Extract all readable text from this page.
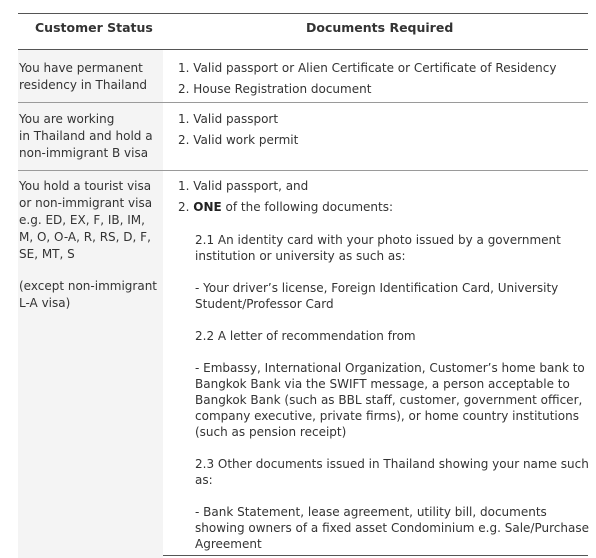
Customer Status	Documents Required
You have permanent
residency in Thailand
1. Valid passport or Alien Certificate or Certificate of Residency
2. House Registration document
You are working
in Thailand and hold a
non-immigrant B visa
1. Valid passport
2. Valid work permit
You hold a tourist visa
or non-immigrant visa
e.g. ED, EX, F, IB, IM,
M, O, O-A, R, RS, D, F,
SE, MT, S
(except non-immigrant
L-A visa)
1. Valid passport, and
2. ONE of the following documents:
2.1 An identity card with your photo issued by a government institution or university as such as:
- Your driver’s license, Foreign Identification Card, University Student/Professor Card
2.2 A letter of recommendation from
- Embassy, International Organization, Customer’s home bank to Bangkok Bank via the SWIFT message, a person acceptable to Bangkok Bank (such as BBL staff, customer, government officer, company executive, private firms), or home country institutions (such as pension receipt)
2.3 Other documents issued in Thailand showing your name such as:
- Bank Statement, lease agreement, utility bill, documents showing owners of a fixed asset Condominium e.g. Sale/Purchase Agreement
